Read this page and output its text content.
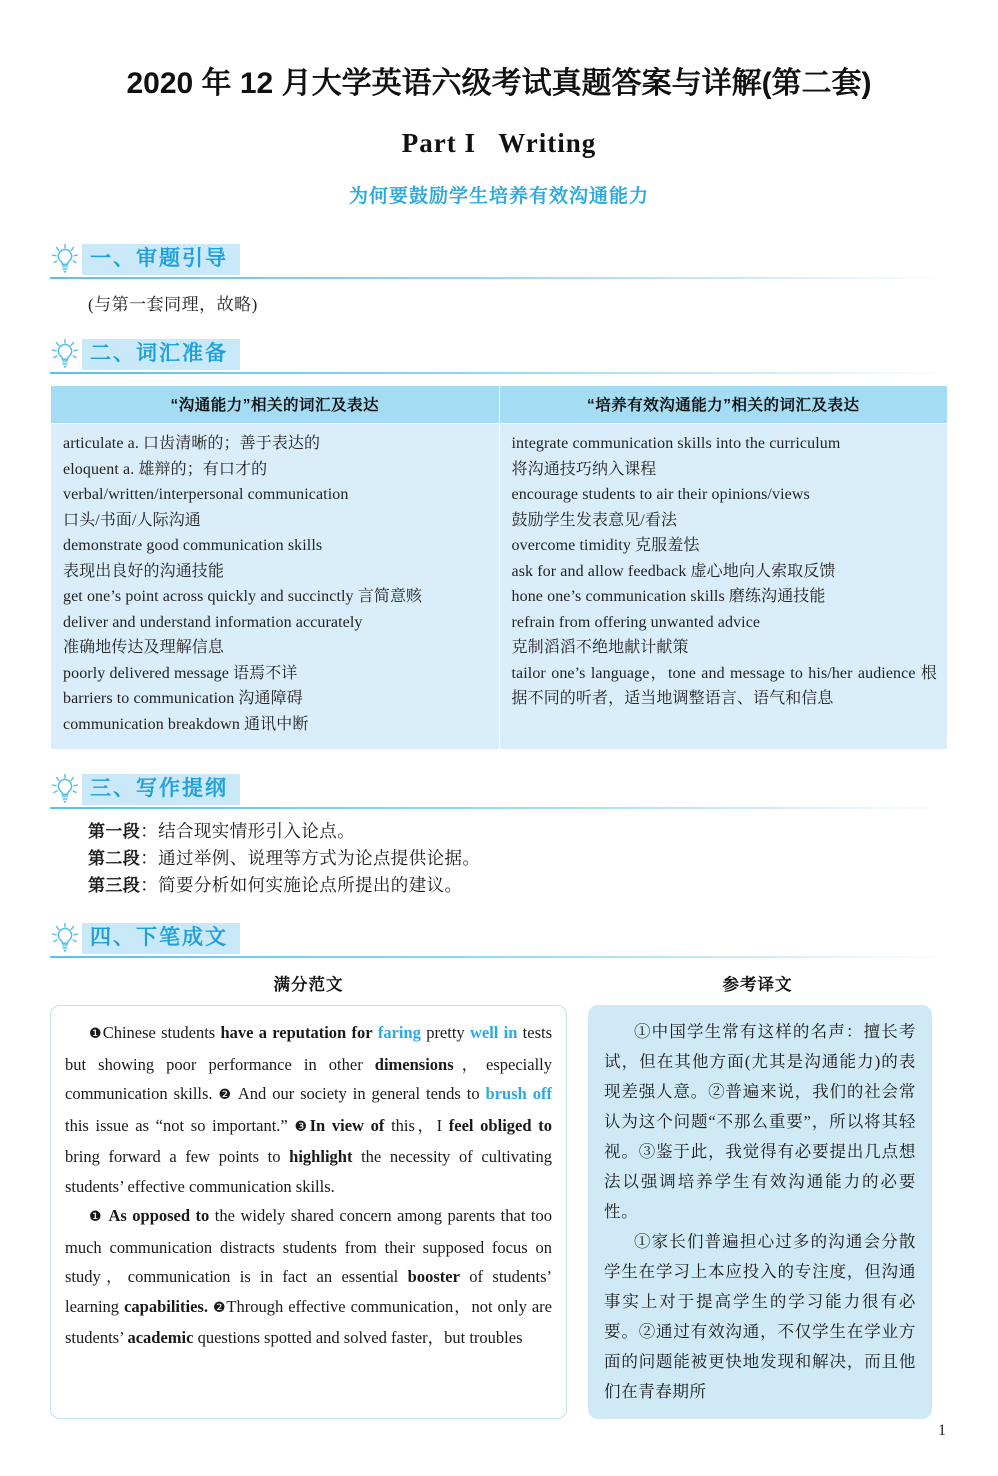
2020 年 12 月大学英语六级考试真题答案与详解(第二套)
Part I Writing
为何要鼓励学生培养有效沟通能力
一、审题引导
(与第一套同理，故略)
二、词汇准备
“沟通能力”相关的词汇及表达	“培养有效沟通能力”相关的词汇及表达

articulate a. 口齿清晰的；善于表达的
eloquent a. 雄辩的；有口才的
verbal/written/interpersonal communication
口头/书面/人际沟通
demonstrate good communication skills
表现出良好的沟通技能
get one’s point across quickly and succinctly 言简意赅
deliver and understand information accurately
准确地传达及理解信息
poorly delivered message 语焉不详
barriers to communication 沟通障碍
communication breakdown 通讯中断

integrate communication skills into the curriculum
将沟通技巧纳入课程
encourage students to air their opinions/views
鼓励学生发表意见/看法
overcome timidity 克服羞怯
ask for and allow feedback 虚心地向人索取反馈
hone one’s communication skills 磨练沟通技能
refrain from offering unwanted advice
克制滔滔不绝地献计献策
tailor one’s language，tone and message to his/her audience 根据不同的听者，适当地调整语言、语气和信息
三、写作提纲
第一段：结合现实情形引入论点。
第二段：通过举例、说理等方式为论点提供论据。
第三段：简要分析如何实施论点所提出的建议。
四、下笔成文
满分范文	参考译文

❶Chinese students have a reputation for faring pretty well in tests but showing poor performance in other dimensions，especially communication skills. ❷ And our society in general tends to brush off this issue as “not so important.” ❸In view of this，I feel obliged to bring forward a few points to highlight the necessity of cultivating students’ effective communication skills.

❶ As opposed to the widely shared concern among parents that too much communication distracts students from their supposed focus on study，communication is in fact an essential booster of students’ learning capabilities. ❷Through effective communication，not only are students’ academic questions spotted and solved faster，but troubles

①中国学生常有这样的名声：擅长考试，但在其他方面(尤其是沟通能力)的表现差强人意。②普遍来说，我们的社会常认为这个问题“不那么重要”，所以将其轻视。③鉴于此，我觉得有必要提出几点想法以强调培养学生有效沟通能力的必要性。

①家长们普遍担心过多的沟通会分散学生在学习上本应投入的专注度，但沟通事实上对于提高学生的学习能力很有必要。②通过有效沟通，不仅学生在学业方面的问题能被更快地发现和解决，而且他们在青春期所

1
